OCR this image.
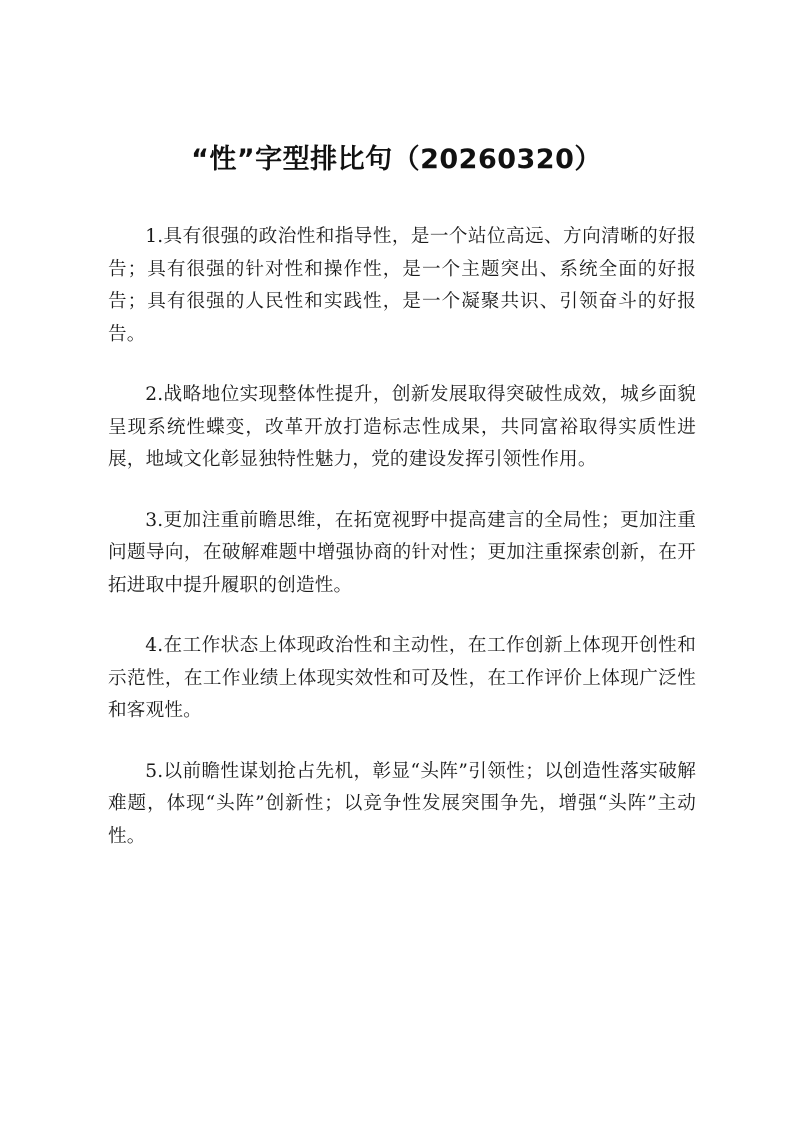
“性”字型排比句（20260320）

1.具有很强的政治性和指导性，是一个站位高远、方向清晰的好报告；具有很强的针对性和操作性，是一个主题突出、系统全面的好报告；具有很强的人民性和实践性，是一个凝聚共识、引领奋斗的好报告。

2.战略地位实现整体性提升，创新发展取得突破性成效，城乡面貌呈现系统性蝶变，改革开放打造标志性成果，共同富裕取得实质性进展，地域文化彰显独特性魅力，党的建设发挥引领性作用。

3.更加注重前瞻思维，在拓宽视野中提高建言的全局性；更加注重问题导向，在破解难题中增强协商的针对性；更加注重探索创新，在开拓进取中提升履职的创造性。

4.在工作状态上体现政治性和主动性，在工作创新上体现开创性和示范性，在工作业绩上体现实效性和可及性，在工作评价上体现广泛性和客观性。

5.以前瞻性谋划抢占先机，彰显“头阵”引领性；以创造性落实破解难题，体现“头阵”创新性；以竞争性发展突围争先，增强“头阵”主动性。
